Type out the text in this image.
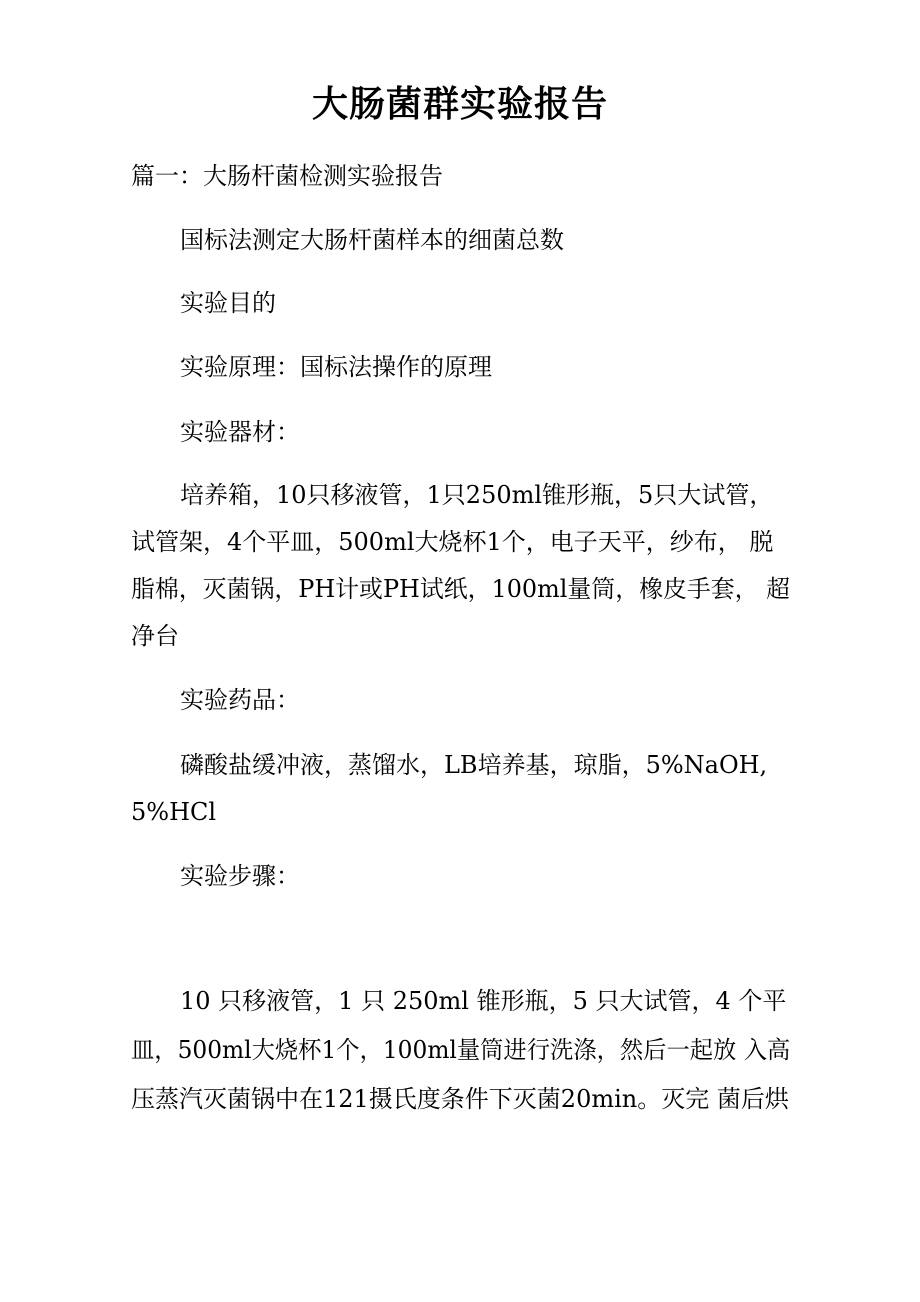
大肠菌群实验报告
篇一：大肠杆菌检测实验报告
国标法测定大肠杆菌样本的细菌总数
实验目的
实验原理：国标法操作的原理
实验器材：
培养箱，10只移液管，1只250ml锥形瓶，5只大试管，
试管架，4个平皿，500ml大烧杯1个，电子天平，纱布， 脱
脂棉，灭菌锅，PH计或PH试纸，100ml量筒，橡皮手套， 超
净台
实验药品：
磷酸盐缓冲液，蒸馏水，LB培养基，琼脂，5%NaOH,
5%HCl
实验步骤：
10 只移液管，1 只 250ml 锥形瓶，5 只大试管，4 个平
皿，500ml大烧杯1个，100ml量筒进行洗涤，然后一起放 入高
压蒸汽灭菌锅中在121摄氏度条件下灭菌20min。灭完 菌后烘
